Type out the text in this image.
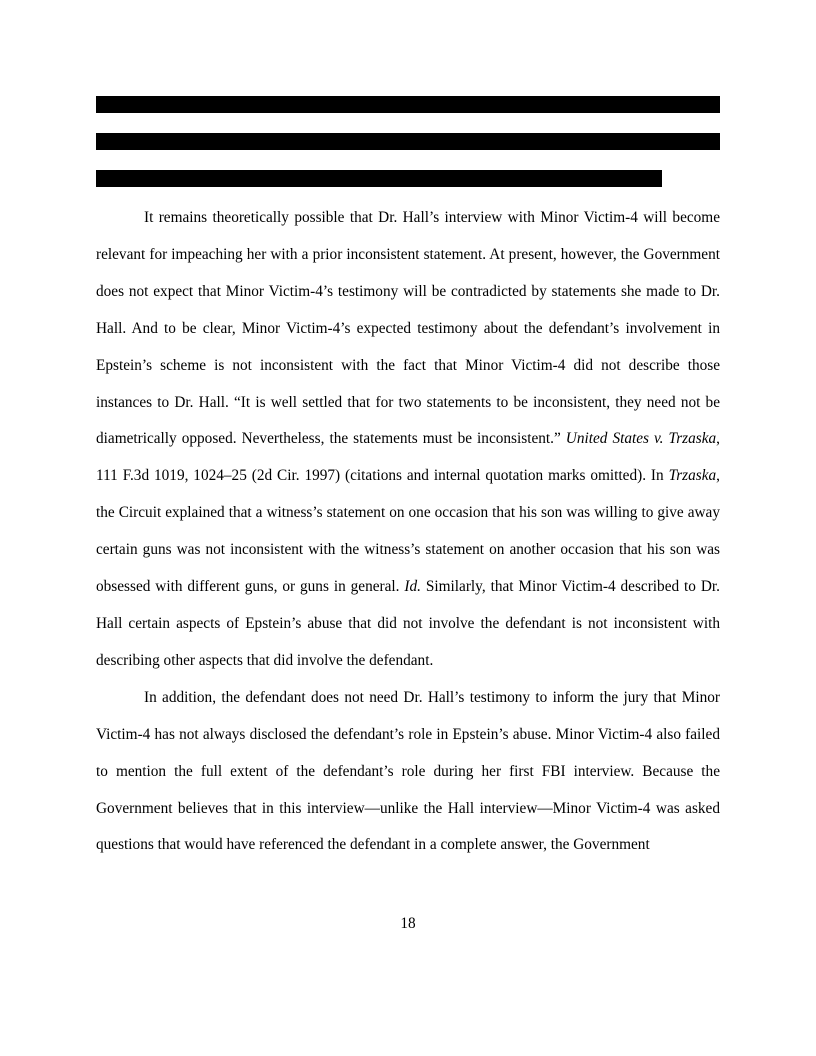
It remains theoretically possible that Dr. Hall’s interview with Minor Victim-4 will become relevant for impeaching her with a prior inconsistent statement. At present, however, the Government does not expect that Minor Victim-4’s testimony will be contradicted by statements she made to Dr. Hall. And to be clear, Minor Victim-4’s expected testimony about the defendant’s involvement in Epstein’s scheme is not inconsistent with the fact that Minor Victim-4 did not describe those instances to Dr. Hall. “It is well settled that for two statements to be inconsistent, they need not be diametrically opposed. Nevertheless, the statements must be inconsistent.” United States v. Trzaska, 111 F.3d 1019, 1024–25 (2d Cir. 1997) (citations and internal quotation marks omitted). In Trzaska, the Circuit explained that a witness’s statement on one occasion that his son was willing to give away certain guns was not inconsistent with the witness’s statement on another occasion that his son was obsessed with different guns, or guns in general. Id. Similarly, that Minor Victim-4 described to Dr. Hall certain aspects of Epstein’s abuse that did not involve the defendant is not inconsistent with describing other aspects that did involve the defendant.

In addition, the defendant does not need Dr. Hall’s testimony to inform the jury that Minor Victim-4 has not always disclosed the defendant’s role in Epstein’s abuse. Minor Victim-4 also failed to mention the full extent of the defendant’s role during her first FBI interview. Because the Government believes that in this interview—unlike the Hall interview—Minor Victim-4 was asked questions that would have referenced the defendant in a complete answer, the Government

18
